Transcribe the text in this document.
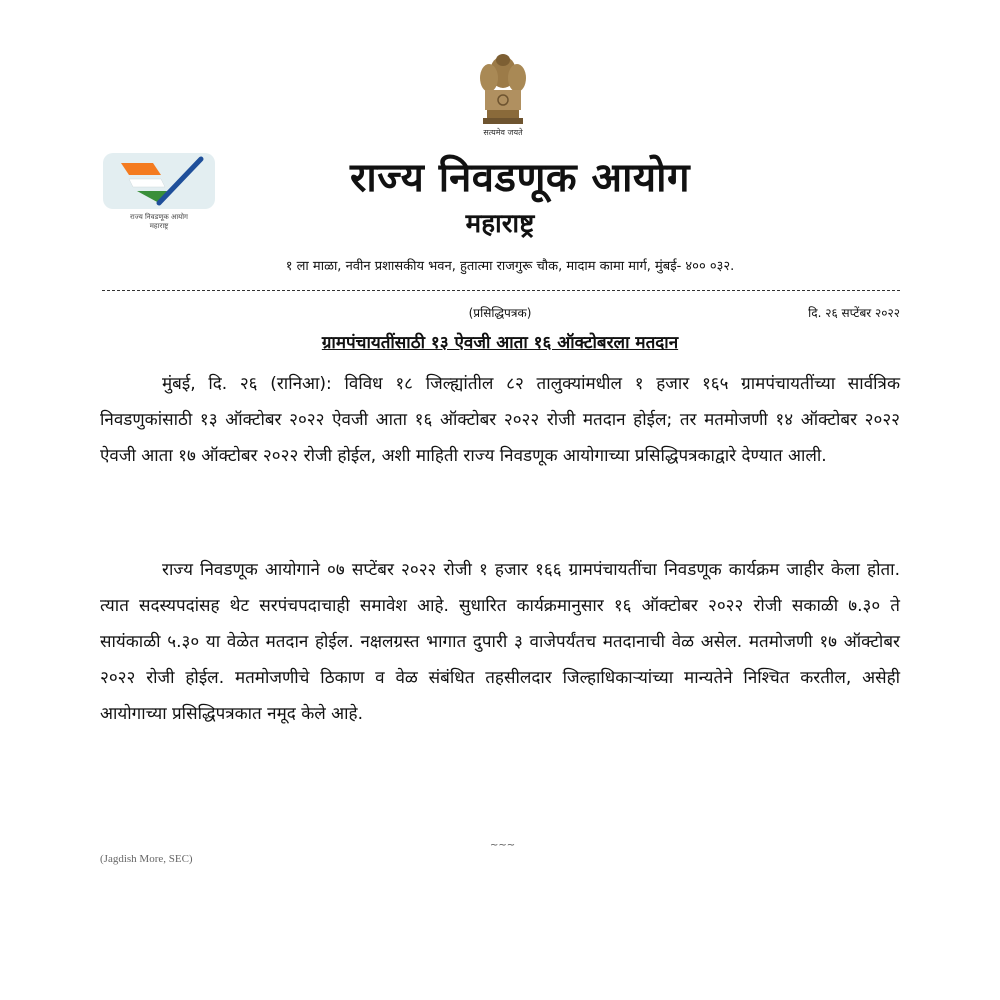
सत्यमेव जयते
राज्य निवडणूक आयोग
महाराष्ट्र
राज्य निवडणूक आयोग
महाराष्ट्र
१ ला माळा, नवीन प्रशासकीय भवन, हुतात्मा राजगुरू चौक, मादाम कामा मार्ग, मुंबई- ४०० ०३२.
(प्रसिद्धिपत्रक)	दि. २६ सप्टेंबर २०२२
ग्रामपंचायतींसाठी १३ ऐवजी आता १६ ऑक्टोबरला मतदान
मुंबई, दि. २६ (रानिआ): विविध १८ जिल्ह्यांतील ८२ तालुक्यांमधील १ हजार १६५ ग्रामपंचायतींच्या सार्वत्रिक निवडणुकांसाठी १३ ऑक्टोबर २०२२ ऐवजी आता १६ ऑक्टोबर २०२२ रोजी मतदान होईल; तर मतमोजणी १४ ऑक्टोबर २०२२ ऐवजी आता १७ ऑक्टोबर २०२२ रोजी होईल, अशी माहिती राज्य निवडणूक आयोगाच्या प्रसिद्धिपत्रकाद्वारे देण्यात आली.
राज्य निवडणूक आयोगाने ०७ सप्टेंबर २०२२ रोजी १ हजार १६६ ग्रामपंचायतींचा निवडणूक कार्यक्रम जाहीर केला होता. त्यात सदस्यपदांसह थेट सरपंचपदाचाही समावेश आहे. सुधारित कार्यक्रमानुसार १६ ऑक्टोबर २०२२ रोजी सकाळी ७.३० ते सायंकाळी ५.३० या वेळेत मतदान होईल. नक्षलग्रस्त भागात दुपारी ३ वाजेपर्यंतच मतदानाची वेळ असेल. मतमोजणी १७ ऑक्टोबर २०२२ रोजी होईल. मतमोजणीचे ठिकाण व वेळ संबंधित तहसीलदार जिल्हाधिकाऱ्यांच्या मान्यतेने निश्चित करतील, असेही आयोगाच्या प्रसिद्धिपत्रकात नमूद केले आहे.
~~~
(Jagdish More, SEC)
